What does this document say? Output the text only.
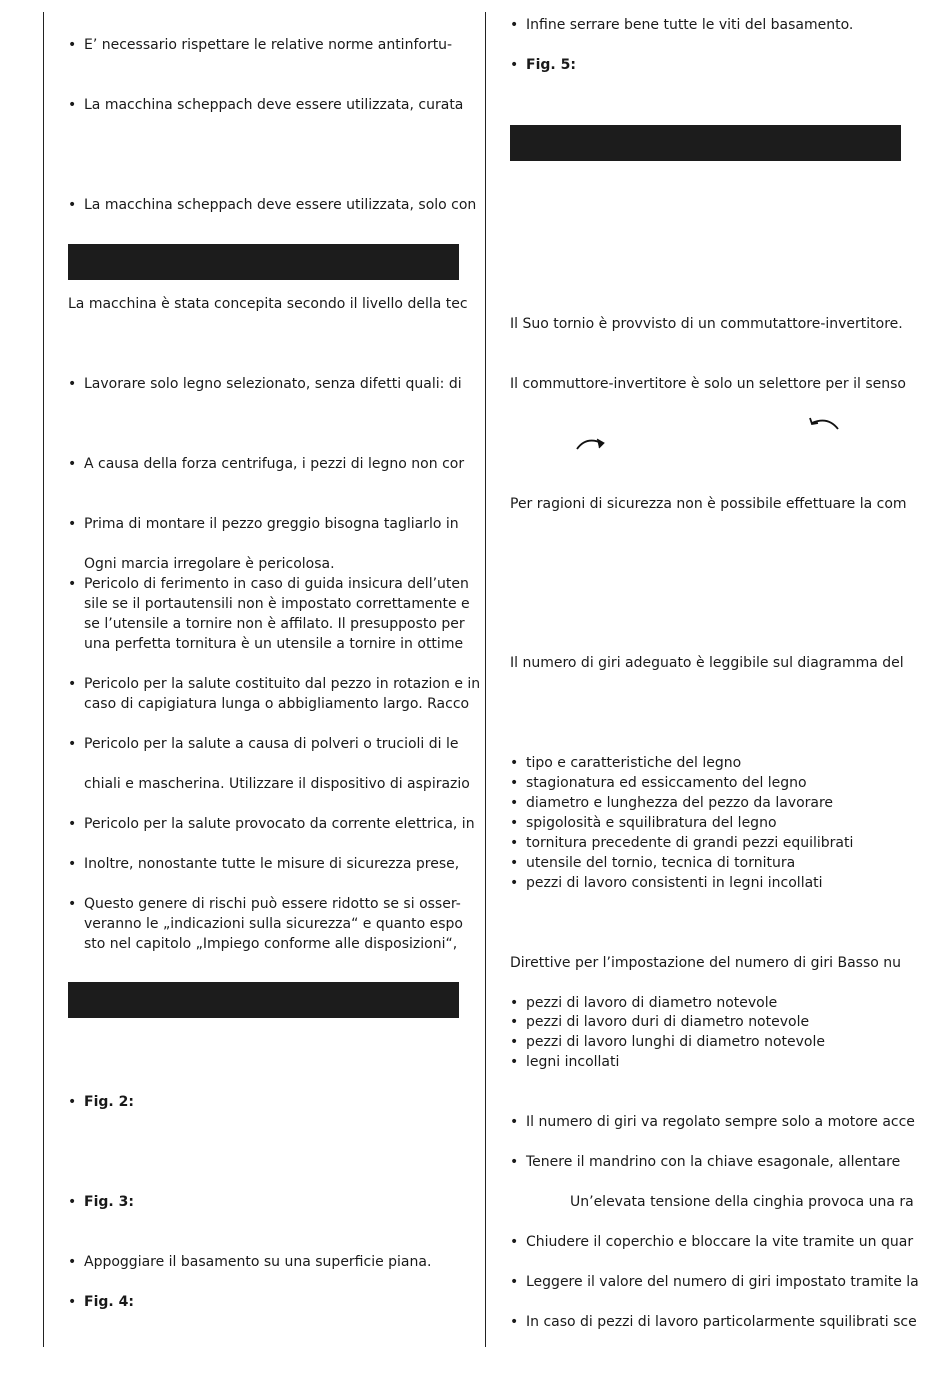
• E’ necessario rispettare le relative norme antinfortu-
• La macchina scheppach deve essere utilizzata, curata
• La macchina scheppach deve essere utilizzata, solo con
La macchina è stata concepita secondo il livello della tec
• Lavorare solo legno selezionato, senza difetti quali: di
• A causa della forza centrifuga, i pezzi di legno non cor
• Prima di montare il pezzo greggio bisogna tagliarlo in
Ogni marcia irregolare è pericolosa.
• Pericolo di ferimento in caso di guida insicura dell’uten
sile se il portautensili non è impostato correttamente e
se l’utensile a tornire non è affilato. Il presupposto per
una perfetta tornitura è un utensile a tornire in ottime
• Pericolo per la salute costituito dal pezzo in rotazion e in
caso di capigiatura lunga o abbigliamento largo. Racco
• Pericolo per la salute a causa di polveri o trucioli di le
chiali e mascherina. Utilizzare il dispositivo di aspirazio
• Pericolo per la salute provocato da corrente elettrica, in
• Inoltre, nonostante tutte le misure di sicurezza prese,
• Questo genere di rischi può essere ridotto se si osser-
veranno le „indicazioni sulla sicurezza“ e quanto espo
sto nel capitolo „Impiego conforme alle disposizioni“,
• Fig. 2:
• Fig. 3:
• Appoggiare il basamento su una superficie piana.
• Fig. 4:
• Infine serrare bene tutte le viti del basamento.
• Fig. 5:
Il Suo tornio è provvisto di un commutattore-invertitore.
Il commuttore-invertitore è solo un selettore per il senso
Per ragioni di sicurezza non è possibile effettuare la com
Il numero di giri adeguato è leggibile sul diagramma del
• tipo e caratteristiche del legno
• stagionatura ed essiccamento del legno
• diametro e lunghezza del pezzo da lavorare
• spigolosità e squilibratura del legno
• tornitura precedente di grandi pezzi equilibrati
• utensile del tornio, tecnica di tornitura
• pezzi di lavoro consistenti in legni incollati
Direttive per l’impostazione del numero di giri Basso nu
• pezzi di lavoro di diametro notevole
• pezzi di lavoro duri di diametro notevole
• pezzi di lavoro lunghi di diametro notevole
• legni incollati
• Il numero di giri va regolato sempre solo a motore acce
• Tenere il mandrino con la chiave esagonale, allentare
Un’elevata tensione della cinghia provoca una ra
• Chiudere il coperchio e bloccare la vite tramite un quar
• Leggere il valore del numero di giri impostato tramite la
• In caso di pezzi di lavoro particolarmente squilibrati sce
